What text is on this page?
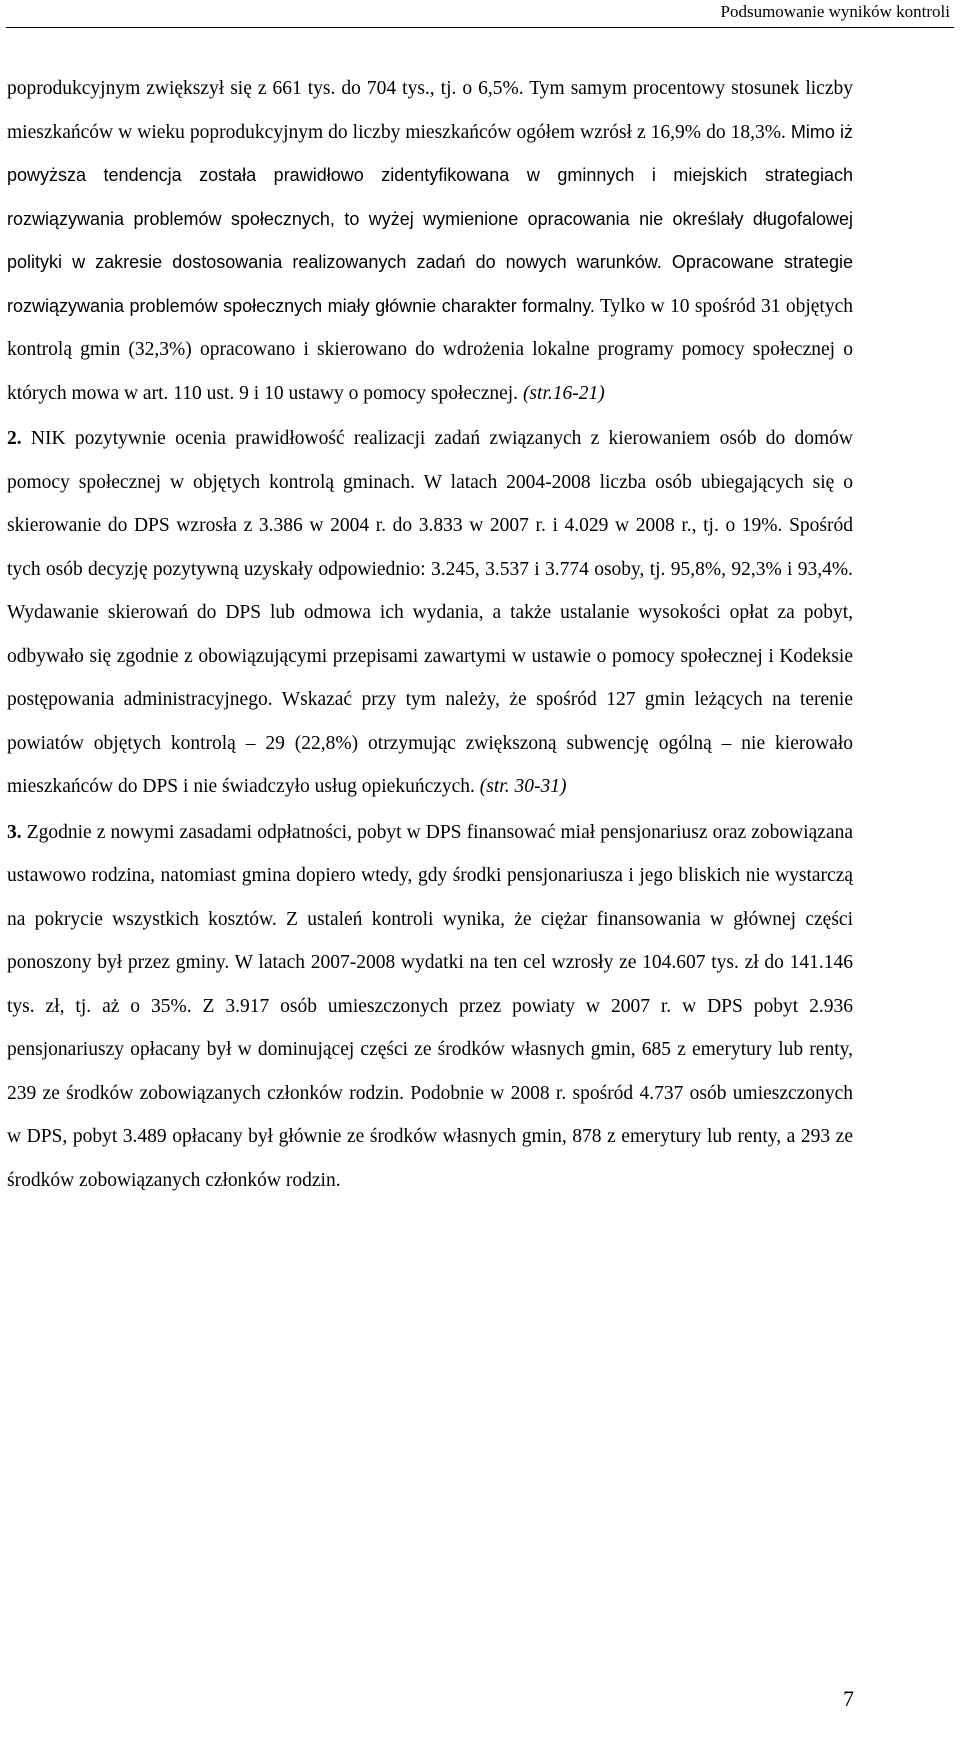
Podsumowanie wyników kontroli

poprodukcyjnym zwiększył się z 661 tys. do 704 tys., tj. o 6,5%. Tym samym procentowy stosunek liczby mieszkańców w wieku poprodukcyjnym do liczby mieszkańców ogółem wzrósł z 16,9% do 18,3%. Mimo iż powyższa tendencja została prawidłowo zidentyfikowana w gminnych i miejskich strategiach rozwiązywania problemów społecznych, to wyżej wymienione opracowania nie określały długofalowej polityki w zakresie dostosowania realizowanych zadań do nowych warunków. Opracowane strategie rozwiązywania problemów społecznych miały głównie charakter formalny. Tylko w 10 spośród 31 objętych kontrolą gmin (32,3%) opracowano i skierowano do wdrożenia lokalne programy pomocy społecznej o których mowa w art. 110 ust. 9 i 10 ustawy o pomocy społecznej. (str.16-21)

2. NIK pozytywnie ocenia prawidłowość realizacji zadań związanych z kierowaniem osób do domów pomocy społecznej w objętych kontrolą gminach. W latach 2004-2008 liczba osób ubiegających się o skierowanie do DPS wzrosła z 3.386 w 2004 r. do 3.833 w 2007 r. i 4.029 w 2008 r., tj. o 19%. Spośród tych osób decyzję pozytywną uzyskały odpowiednio: 3.245, 3.537 i 3.774 osoby, tj. 95,8%, 92,3% i 93,4%. Wydawanie skierowań do DPS lub odmowa ich wydania, a także ustalanie wysokości opłat za pobyt, odbywało się zgodnie z obowiązującymi przepisami zawartymi w ustawie o pomocy społecznej i Kodeksie postępowania administracyjnego. Wskazać przy tym należy, że spośród 127 gmin leżących na terenie powiatów objętych kontrolą – 29 (22,8%) otrzymując zwiększoną subwencję ogólną – nie kierowało mieszkańców do DPS i nie świadczyło usług opiekuńczych. (str. 30-31)

3. Zgodnie z nowymi zasadami odpłatności, pobyt w DPS finansować miał pensjonariusz oraz zobowiązana ustawowo rodzina, natomiast gmina dopiero wtedy, gdy środki pensjonariusza i jego bliskich nie wystarczą na pokrycie wszystkich kosztów. Z ustaleń kontroli wynika, że ciężar finansowania w głównej części ponoszony był przez gminy. W latach 2007-2008 wydatki na ten cel wzrosły ze 104.607 tys. zł do 141.146 tys. zł, tj. aż o 35%. Z 3.917 osób umieszczonych przez powiaty w 2007 r. w DPS pobyt 2.936 pensjonariuszy opłacany był w dominującej części ze środków własnych gmin, 685 z emerytury lub renty, 239 ze środków zobowiązanych członków rodzin. Podobnie w 2008 r. spośród 4.737 osób umieszczonych w DPS, pobyt 3.489 opłacany był głównie ze środków własnych gmin, 878 z emerytury lub renty, a 293 ze środków zobowiązanych członków rodzin.

7
